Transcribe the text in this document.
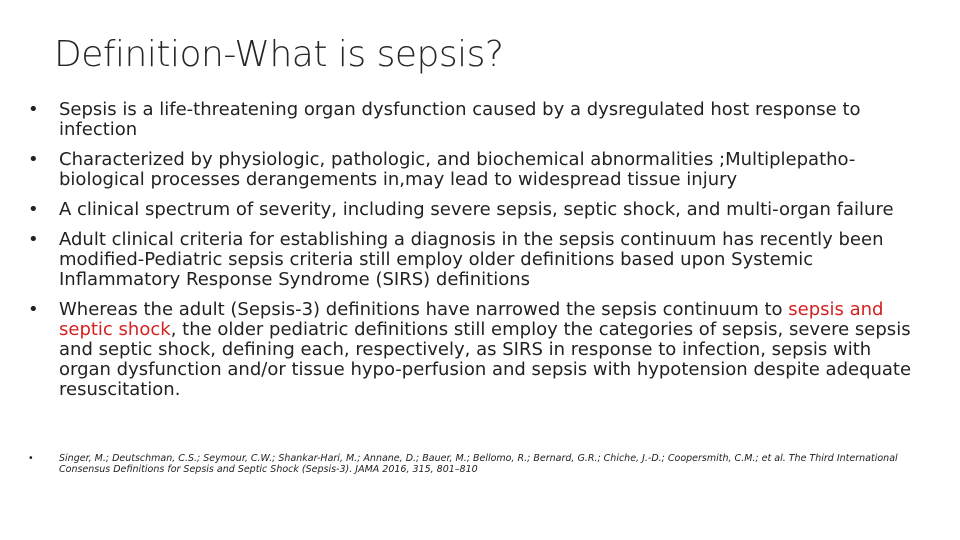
Definition-What is sepsis?
• Sepsis is a life-threatening organ dysfunction caused by a dysregulated host response to infection
• Characterized by physiologic, pathologic, and biochemical abnormalities ;Multiplepatho-biological processes derangements in,may lead to widespread tissue injury
• A clinical spectrum of severity, including severe sepsis, septic shock, and multi-organ failure
• Adult clinical criteria for establishing a diagnosis in the sepsis continuum has recently been modified-Pediatric sepsis criteria still employ older definitions based upon Systemic Inflammatory Response Syndrome (SIRS) definitions
• Whereas the adult (Sepsis-3) definitions have narrowed the sepsis continuum to sepsis and septic shock, the older pediatric definitions still employ the categories of sepsis, severe sepsis and septic shock, defining each, respectively, as SIRS in response to infection, sepsis with organ dysfunction and/or tissue hypo-perfusion and sepsis with hypotension despite adequate resuscitation.
•	Singer, M.; Deutschman, C.S.; Seymour, C.W.; Shankar-Hari, M.; Annane, D.; Bauer, M.; Bellomo, R.; Bernard, G.R.; Chiche, J.-D.; Coopersmith, C.M.; et al. The Third International Consensus Definitions for Sepsis and Septic Shock (Sepsis-3). JAMA 2016, 315, 801–810
